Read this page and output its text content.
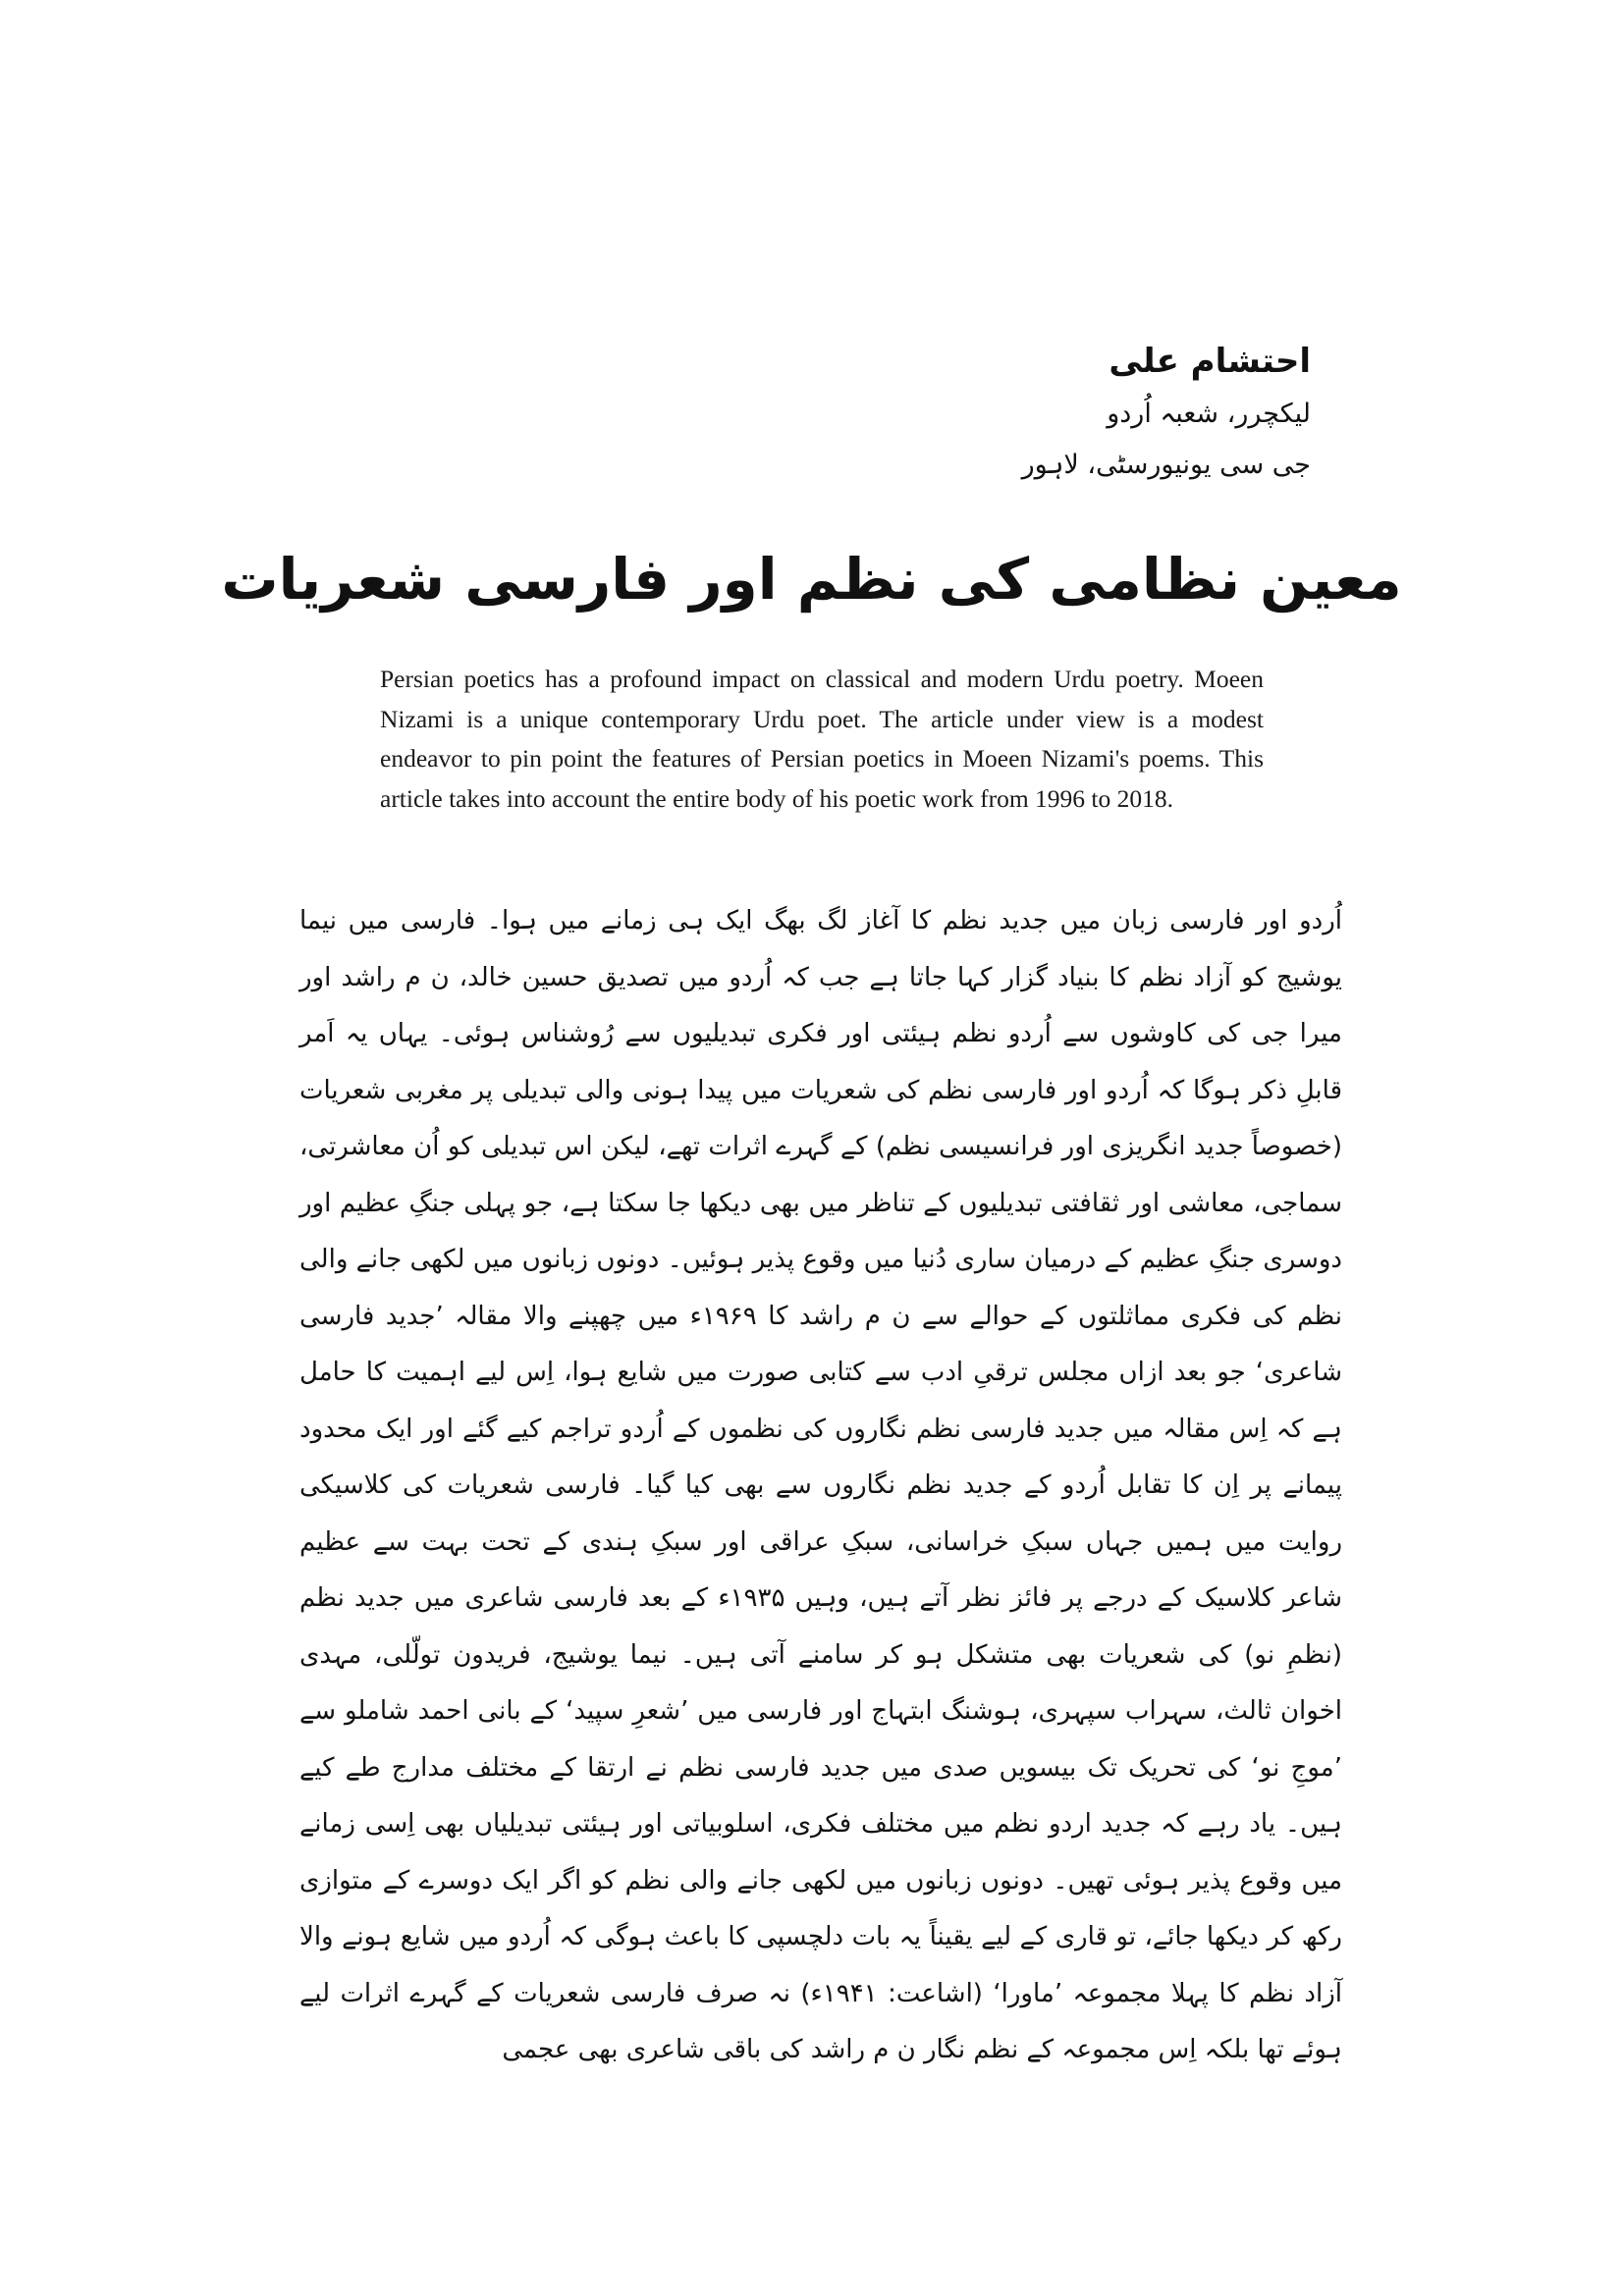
احتشام علی

لیکچرر، شعبہ اُردو

جی سی یونیورسٹی، لاہور

معین نظامی کی نظم اور فارسی شعریات

Persian poetics has a profound impact on classical and modern Urdu poetry. Moeen Nizami is a unique contemporary Urdu poet. The article under view is a modest endeavor to pin point the features of Persian poetics in Moeen Nizami's poems. This article takes into account the entire body of his poetic work from 1996 to 2018.

اُردو اور فارسی زبان میں جدید نظم کا آغاز لگ بھگ ایک ہی زمانے میں ہوا۔ فارسی میں نیما یوشیج کو آزاد نظم کا بنیاد گزار کہا جاتا ہے جب کہ اُردو میں تصدیق حسین خالد، ن م راشد اور میرا جی کی کاوشوں سے اُردو نظم ہیئتی اور فکری تبدیلیوں سے رُوشناس ہوئی۔ یہاں یہ اَمر قابلِ ذکر ہوگا کہ اُردو اور فارسی نظم کی شعریات میں پیدا ہونی والی تبدیلی پر مغربی شعریات (خصوصاً جدید انگریزی اور فرانسیسی نظم) کے گہرے اثرات تھے، لیکن اس تبدیلی کو اُن معاشرتی، سماجی، معاشی اور ثقافتی تبدیلیوں کے تناظر میں بھی دیکھا جا سکتا ہے، جو پہلی جنگِ عظیم اور دوسری جنگِ عظیم کے درمیان ساری دُنیا میں وقوع پذیر ہوئیں۔ دونوں زبانوں میں لکھی جانے والی نظم کی فکری مماثلتوں کے حوالے سے ن م راشد کا ۱۹۶۹ء میں چھپنے والا مقالہ ’جدید فارسی شاعری‘ جو بعد ازاں مجلس ترقیِ ادب سے کتابی صورت میں شایع ہوا، اِس لیے اہمیت کا حامل ہے کہ اِس مقالہ میں جدید فارسی نظم نگاروں کی نظموں کے اُردو تراجم کیے گئے اور ایک محدود پیمانے پر اِن کا تقابل اُردو کے جدید نظم نگاروں سے بھی کیا گیا۔ فارسی شعریات کی کلاسیکی روایت میں ہمیں جہاں سبکِ خراسانی، سبکِ عراقی اور سبکِ ہندی کے تحت بہت سے عظیم شاعر کلاسیک کے درجے پر فائز نظر آتے ہیں، وہیں ۱۹۳۵ء کے بعد فارسی شاعری میں جدید نظم (نظمِ نو) کی شعریات بھی متشکل ہو کر سامنے آتی ہیں۔ نیما یوشیج، فریدون تولّلی، مہدی اخوان ثالث، سہراب سپہری، ہوشنگ ابتہاج اور فارسی میں ’شعرِ سپید‘ کے بانی احمد شاملو سے ’موجِ نو‘ کی تحریک تک بیسویں صدی میں جدید فارسی نظم نے ارتقا کے مختلف مدارج طے کیے ہیں۔ یاد رہے کہ جدید اردو نظم میں مختلف فکری، اسلوبیاتی اور ہیئتی تبدیلیاں بھی اِسی زمانے میں وقوع پذیر ہوئی تھیں۔ دونوں زبانوں میں لکھی جانے والی نظم کو اگر ایک دوسرے کے متوازی رکھ کر دیکھا جائے، تو قاری کے لیے یقیناً یہ بات دلچسپی کا باعث ہوگی کہ اُردو میں شایع ہونے والا آزاد نظم کا پہلا مجموعہ ’ماورا‘ (اشاعت: ۱۹۴۱ء) نہ صرف فارسی شعریات کے گہرے اثرات لیے ہوئے تھا بلکہ اِس مجموعہ کے نظم نگار ن م راشد کی باقی شاعری بھی عجمی
